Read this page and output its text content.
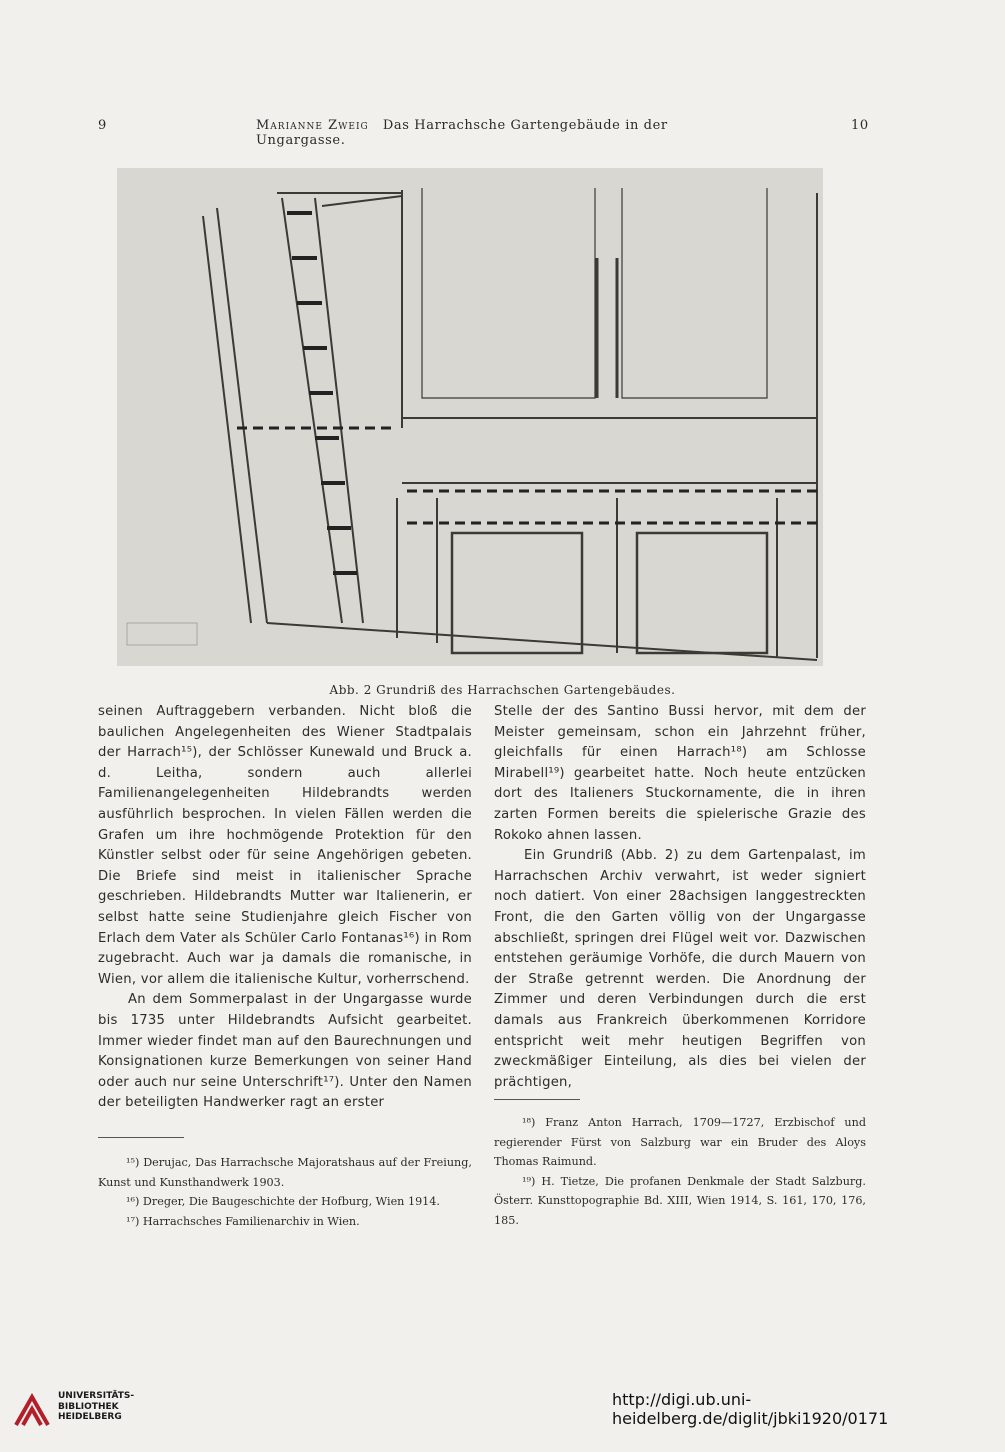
9	Marianne Zweig Das Harrachsche Gartengebäude in der Ungargasse.
10
Abb. 2 Grundriß des Harrachschen Gartengebäudes.

seinen Auftraggebern verbanden. Nicht bloß die baulichen Angelegenheiten des Wiener Stadtpalais der Harrach¹⁵), der Schlösser Kunewald und Bruck a. d. Leitha, sondern auch allerlei Familienangelegenheiten Hildebrandts werden ausführlich besprochen. In vielen Fällen werden die Grafen um ihre hochmögende Protektion für den Künstler selbst oder für seine Angehörigen gebeten. Die Briefe sind meist in italienischer Sprache geschrieben. Hildebrandts Mutter war Italienerin, er selbst hatte seine Studienjahre gleich Fischer von Erlach dem Vater als Schüler Carlo Fontanas¹⁶) in Rom zugebracht. Auch war ja damals die romanische, in Wien, vor allem die italienische Kultur, vorherrschend.

An dem Sommerpalast in der Ungargasse wurde bis 1735 unter Hildebrandts Aufsicht gearbeitet. Immer wieder findet man auf den Baurechnungen und Konsignationen kurze Bemerkungen von seiner Hand oder auch nur seine Unterschrift¹⁷). Unter den Namen der beteiligten Handwerker ragt an erster

Stelle der des Santino Bussi hervor, mit dem der Meister gemeinsam, schon ein Jahrzehnt früher, gleichfalls für einen Harrach¹⁸) am Schlosse Mirabell¹⁹) gearbeitet hatte. Noch heute entzücken dort des Italieners Stuckornamente, die in ihren zarten Formen bereits die spielerische Grazie des Rokoko ahnen lassen.

Ein Grundriß (Abb. 2) zu dem Gartenpalast, im Harrachschen Archiv verwahrt, ist weder signiert noch datiert. Von einer 28achsigen langgestreckten Front, die den Garten völlig von der Ungargasse abschließt, springen drei Flügel weit vor. Dazwischen entstehen geräumige Vorhöfe, die durch Mauern von der Straße getrennt werden. Die Anordnung der Zimmer und deren Verbindungen durch die erst damals aus Frankreich überkommenen Korridore entspricht weit mehr heutigen Begriffen von zweckmäßiger Einteilung, als dies bei vielen der prächtigen,

¹⁵) Derujac, Das Harrachsche Majoratshaus auf der Freiung, Kunst und Kunsthandwerk 1903.

¹⁶) Dreger, Die Baugeschichte der Hofburg, Wien 1914.

¹⁷) Harrachsches Familienarchiv in Wien.

¹⁸) Franz Anton Harrach, 1709—1727, Erzbischof und regierender Fürst von Salzburg war ein Bruder des Aloys Thomas Raimund.

¹⁹) H. Tietze, Die profanen Denkmale der Stadt Salzburg. Österr. Kunsttopographie Bd. XIII, Wien 1914, S. 161, 170, 176, 185.

UNIVERSITÄTS-
BIBLIOTHEK
HEIDELBERG
http://digi.ub.uni-heidelberg.de/diglit/jbki1920/0171
